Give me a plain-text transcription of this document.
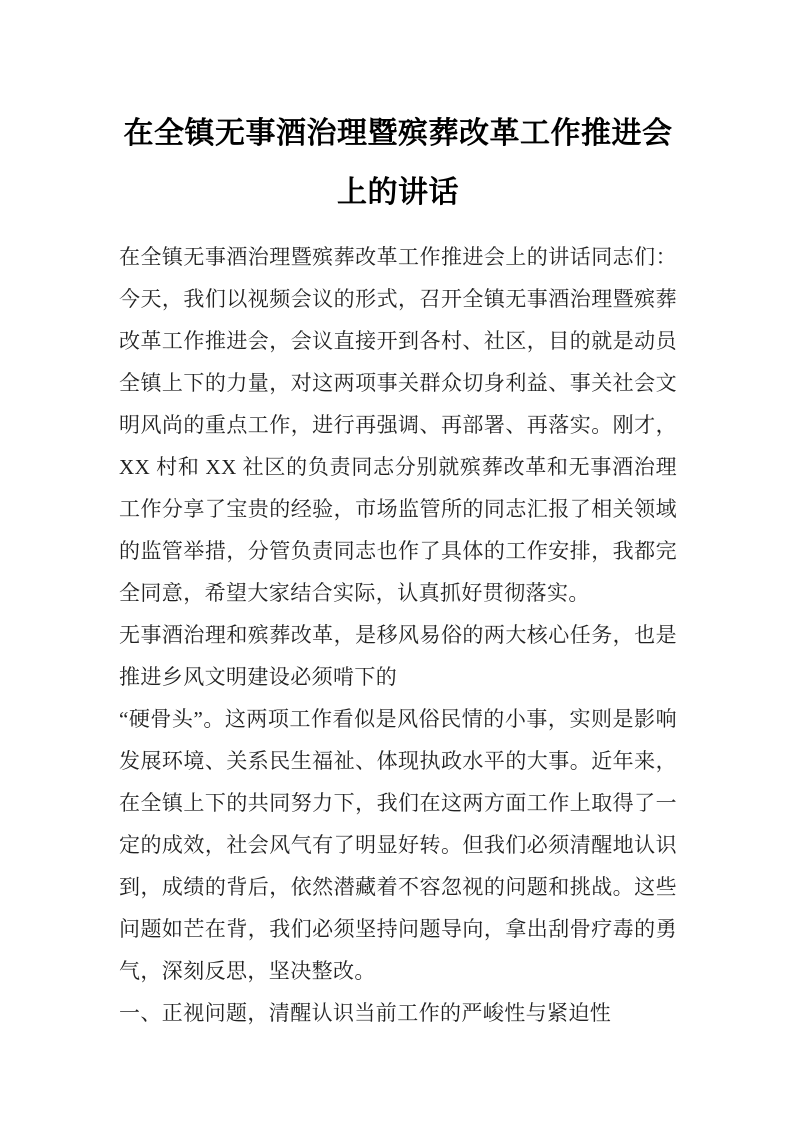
在全镇无事酒治理暨殡葬改革工作推进会上的讲话

在全镇无事酒治理暨殡葬改革工作推进会上的讲话同志们：今天，我们以视频会议的形式，召开全镇无事酒治理暨殡葬改革工作推进会，会议直接开到各村、社区，目的就是动员全镇上下的力量，对这两项事关群众切身利益、事关社会文明风尚的重点工作，进行再强调、再部署、再落实。刚才，XX 村和 XX 社区的负责同志分别就殡葬改革和无事酒治理工作分享了宝贵的经验，市场监管所的同志汇报了相关领域的监管举措，分管负责同志也作了具体的工作安排，我都完全同意，希望大家结合实际，认真抓好贯彻落实。

无事酒治理和殡葬改革，是移风易俗的两大核心任务，也是推进乡风文明建设必须啃下的

“硬骨头”。这两项工作看似是风俗民情的小事，实则是影响发展环境、关系民生福祉、体现执政水平的大事。近年来，在全镇上下的共同努力下，我们在这两方面工作上取得了一定的成效，社会风气有了明显好转。但我们必须清醒地认识到，成绩的背后，依然潜藏着不容忽视的问题和挑战。这些问题如芒在背，我们必须坚持问题导向，拿出刮骨疗毒的勇气，深刻反思，坚决整改。

一、正视问题，清醒认识当前工作的严峻性与紧迫性
